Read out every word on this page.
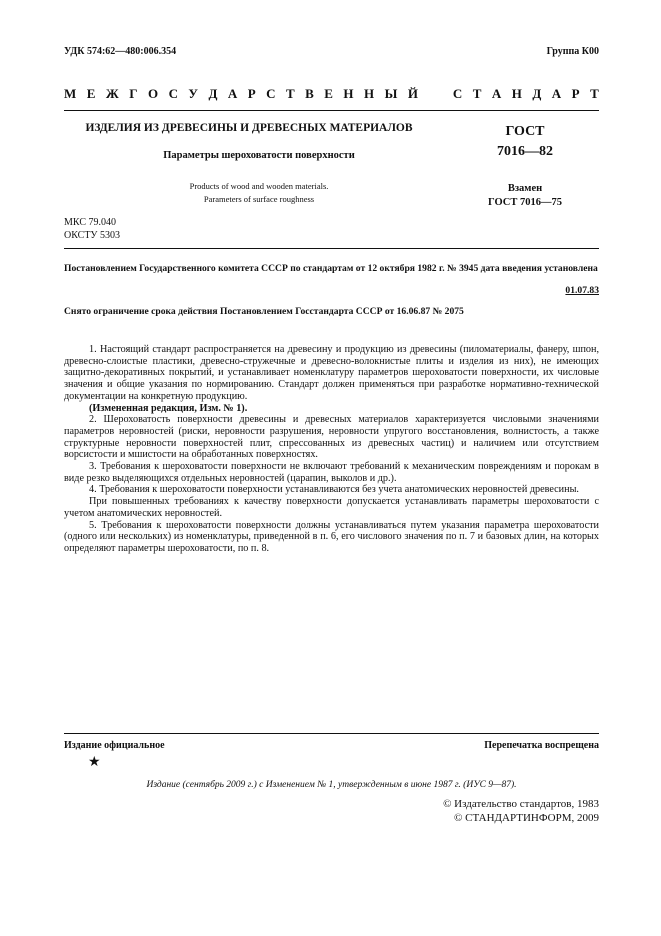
УДК 574:62—480:006.354	Группа К00
М Е Ж Г О С У Д А Р С Т В Е Н Н Ы Й	С Т А Н Д А Р Т
ИЗДЕЛИЯ ИЗ ДРЕВЕСИНЫ И ДРЕВЕСНЫХ МАТЕРИАЛОВ
Параметры шероховатости поверхности
Products of wood and wooden materials.
Parameters of surface roughness
ГОСТ
7016—82
Взамен
ГОСТ 7016—75
МКС 79.040
ОКСТУ 5303
Постановлением Государственного комитета СССР по стандартам от 12 октября 1982 г. № 3945 дата введения установлена
01.07.83
Снято ограничение срока действия Постановлением Госстандарта СССР от 16.06.87 № 2075

1. Настоящий стандарт распространяется на древесину и продукцию из древесины (пиломатериалы, фанеру, шпон, древесно-слоистые пластики, древесно-стружечные и древесно-волокнистые плиты и изделия из них), не имеющих защитно-декоративных покрытий, и устанавливает номенклатуру параметров шероховатости поверхности, их числовые значения и общие указания по нормированию. Стандарт должен применяться при разработке нормативно-технической документации на конкретную продукцию.

(Измененная редакция, Изм. № 1).

2. Шероховатость поверхности древесины и древесных материалов характеризуется числовыми значениями параметров неровностей (риски, неровности разрушения, неровности упругого восстановления, волнистость, а также структурные неровности поверхностей плит, спрессованных из древесных частиц) и наличием или отсутствием ворсистости и мшистости на обработанных поверхностях.

3. Требования к шероховатости поверхности не включают требований к механическим повреждениям и порокам в виде резко выделяющихся отдельных неровностей (царапин, выколов и др.).

4. Требования к шероховатости поверхности устанавливаются без учета анатомических неровностей древесины.

При повышенных требованиях к качеству поверхности допускается устанавливать параметры шероховатости с учетом анатомических неровностей.

5. Требования к шероховатости поверхности должны устанавливаться путем указания параметра шероховатости (одного или нескольких) из номенклатуры, приведенной в п. 6, его числового значения по п. 7 и базовых длин, на которых определяют параметры шероховатости, по п. 8.

Издание официальное	Перепечатка воспрещена
★
Издание (сентябрь 2009 г.) с Изменением № 1, утвержденным в июне 1987 г. (ИУС 9—87).
© Издательство стандартов, 1983
© СТАНДАРТИНФОРМ, 2009
